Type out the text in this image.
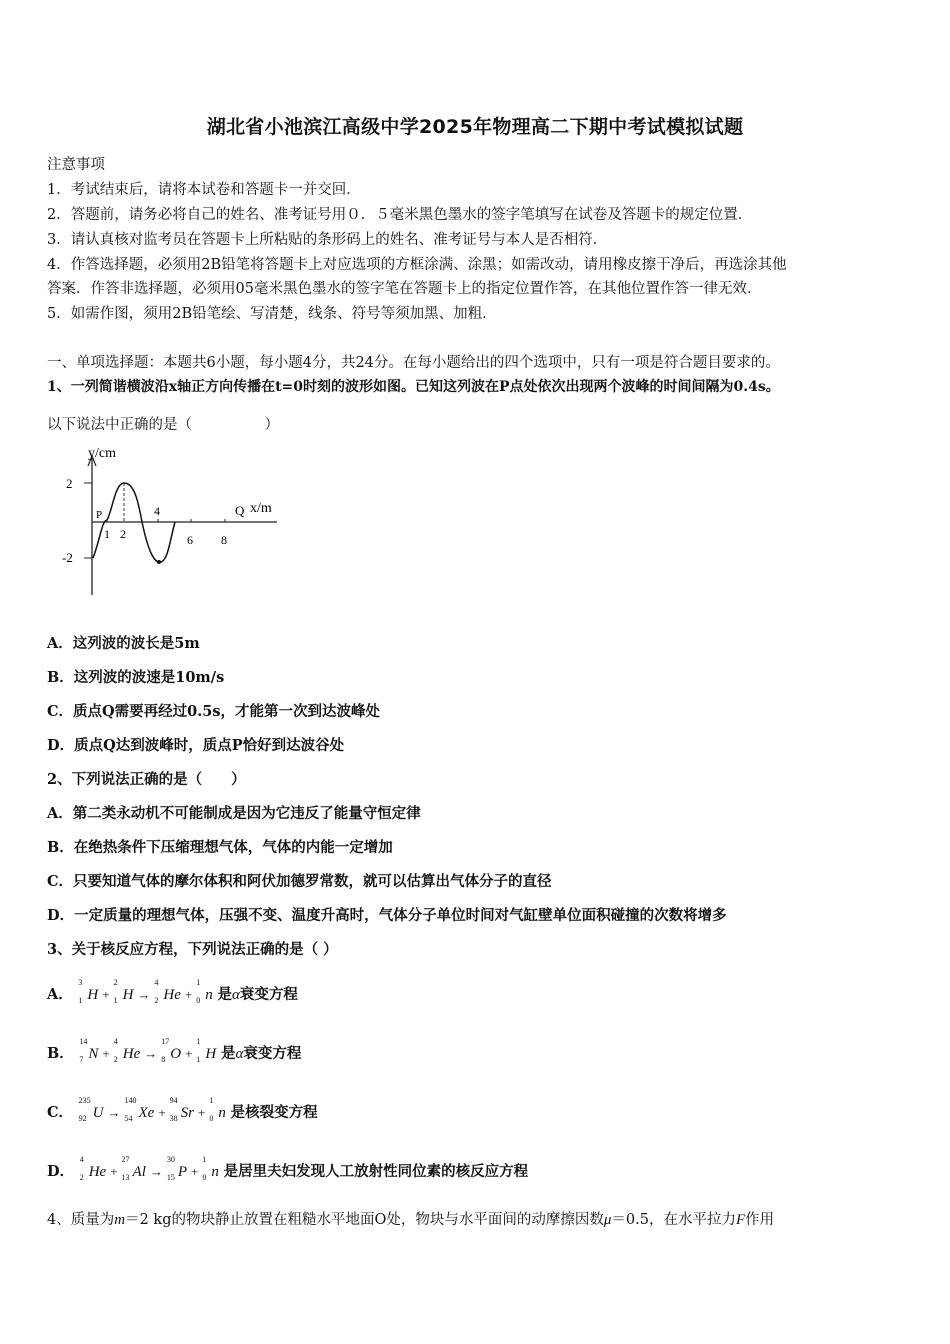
湖北省小池滨江高级中学2025年物理高二下期中考试模拟试题
注意事项
1．考试结束后，请将本试卷和答题卡一并交回．
2．答题前，请务必将自己的姓名、准考证号用０．５毫米黑色墨水的签字笔填写在试卷及答题卡的规定位置．
3．请认真核对监考员在答题卡上所粘贴的条形码上的姓名、准考证号与本人是否相符．
4．作答选择题，必须用2B铅笔将答题卡上对应选项的方框涂满、涂黑；如需改动，请用橡皮擦干净后，再选涂其他
答案．作答非选择题，必须用05毫米黑色墨水的签字笔在答题卡上的指定位置作答，在其他位置作答一律无效．
5．如需作图，须用2B铅笔绘、写清楚，线条、符号等须加黑、加粗．
一、单项选择题：本题共6小题，每小题4分，共24分。在每小题给出的四个选项中，只有一项是符合题目要求的。
1、一列简谐横波沿x轴正方向传播在t=0时刻的波形如图。已知这列波在P点处依次出现两个波峰的时间间隔为0.4s。
以下说法中正确的是（　　　　　）
y/cm
x/m
2
-2
P	Q
1 2
4
6 8
A．这列波的波长是5m
B．这列波的波速是10m/s
C．质点Q需要再经过0.5s，才能第一次到达波峰处
D．质点Q达到波峰时，质点P恰好到达波谷处
2、下列说法正确的是（　　）
A．第二类永动机不可能制成是因为它违反了能量守恒定律
B．在绝热条件下压缩理想气体，气体的内能一定增加
C．只要知道气体的摩尔体积和阿伏加德罗常数，就可以估算出气体分子的直径
D．一定质量的理想气体，压强不变、温度升高时，气体分子单位时间对气缸壁单位面积碰撞的次数将增多
3、关于核反应方程，下列说法正确的是（ ）
A．
3
1 H +
2
1 H →
4
2 He +
1
0 n 是α衰变方程
B．
14
7 N +
4
2 He →
17
8 O +
1
1 H 是α衰变方程
C．
235
92 U →
140
54 Xe +
94
38 Sr +
1
0 n 是核裂变方程
D．
4
2 He +
27
13 Al →
30
15 P +
1
0 n 是居里夫妇发现人工放射性同位素的核反应方程
4、质量为m＝2 kg的物块静止放置在粗糙水平地面O处，物块与水平面间的动摩擦因数μ＝0.5，在水平拉力F作用
